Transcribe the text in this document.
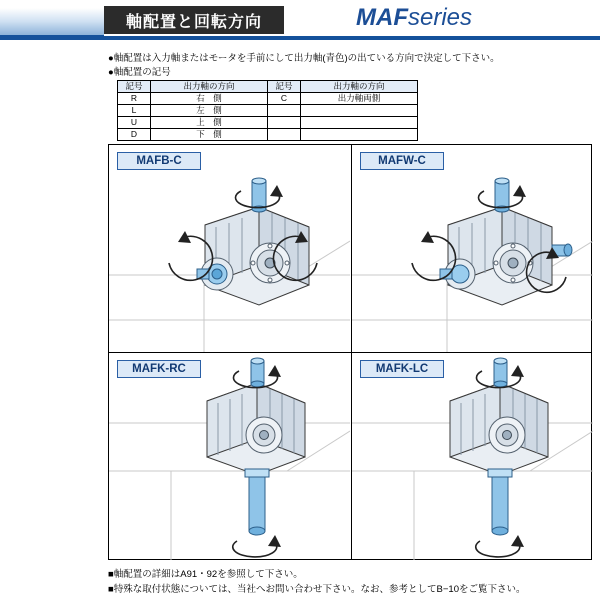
軸配置と回転方向	MAFseries
●軸配置は入力軸またはモータを手前にして出力軸(青色)の出ている方向で決定して下さい。
●軸配置の記号
記号	出力軸の方向	記号	出力軸の方向
R	右　側	C	出力軸両側
L	左　側		
U	上　側		
D	下　側		
MAFB-C	MAFW-C
MAFK-RC	MAFK-LC
■軸配置の詳細はA91・92を参照して下さい。
■特殊な取付状態については、当社へお問い合わせ下さい。なお、参考としてB−10をご覧下さい。
